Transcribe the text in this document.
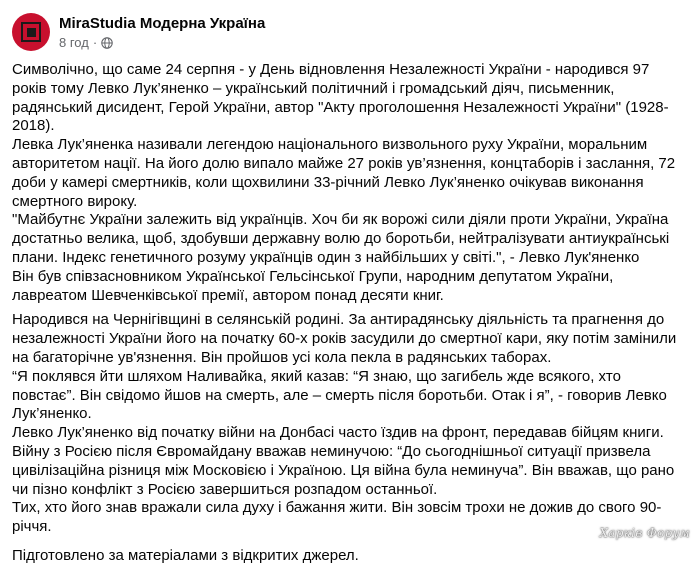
MiraStudia Модерна Україна
8 год ·

Символічно, що саме 24 серпня - у День відновлення Незалежності України - народився 97 років тому Левко Лук’яненко – український політичний і громадський діяч, письменник, радянський дисидент, Герой України, автор "Акту проголошення Незалежності України" (1928-2018).

Левка Лук’яненка називали легендою національного визвольного руху України, моральним авторитетом нації. На його долю випало майже 27 років ув’язнення, концтаборів і заслання, 72 доби у камері смертників, коли щохвилини 33-річний Левко Лук’яненко очікував виконання смертного вироку.

"Майбутнє України залежить від українців. Хоч би як ворожі сили діяли проти України, Україна достатньо велика, щоб, здобувши державну волю до боротьби, нейтралізувати антиукраїнські плани. Індекс генетичного розуму українців один з найбільших у світі.", - Левко Лук'яненко

Він був співзасновником Української Гельсінської Групи, народним депутатом України, лавреатом Шевченківської премії, автором понад десяти книг.

Народився на Чернігівщині в селянській родині. За антирадянську діяльність та прагнення до незалежності України його на початку 60-х років засудили до смертної кари, яку потім замінили на багаторічне ув'язнення. Він пройшов усі кола пекла в радянських таборах.

“Я поклявся йти шляхом Наливайка, який казав: “Я знаю, що загибель жде всякого, хто повстає”. Він свідомо йшов на смерть, але – смерть після боротьби. Отак і я”, - говорив Левко Лук’яненко.

Левко Лук’яненко від початку війни на Донбасі часто їздив на фронт, передавав бійцям книги.

Війну з Росією після Євромайдану вважав неминучою: “До сьогоднішньої ситуації призвела цивілізаційна різниця між Московією і Україною. Ця війна була неминуча”. Він вважав, що рано чи пізно конфлікт з Росією завершиться розпадом останньої.

Тих, хто його знав вражали сила духу і бажання жити. Він зовсім трохи не дожив до свого 90-річчя.

Підготовлено за матеріалами з відкритих джерел.

Харків Форум
